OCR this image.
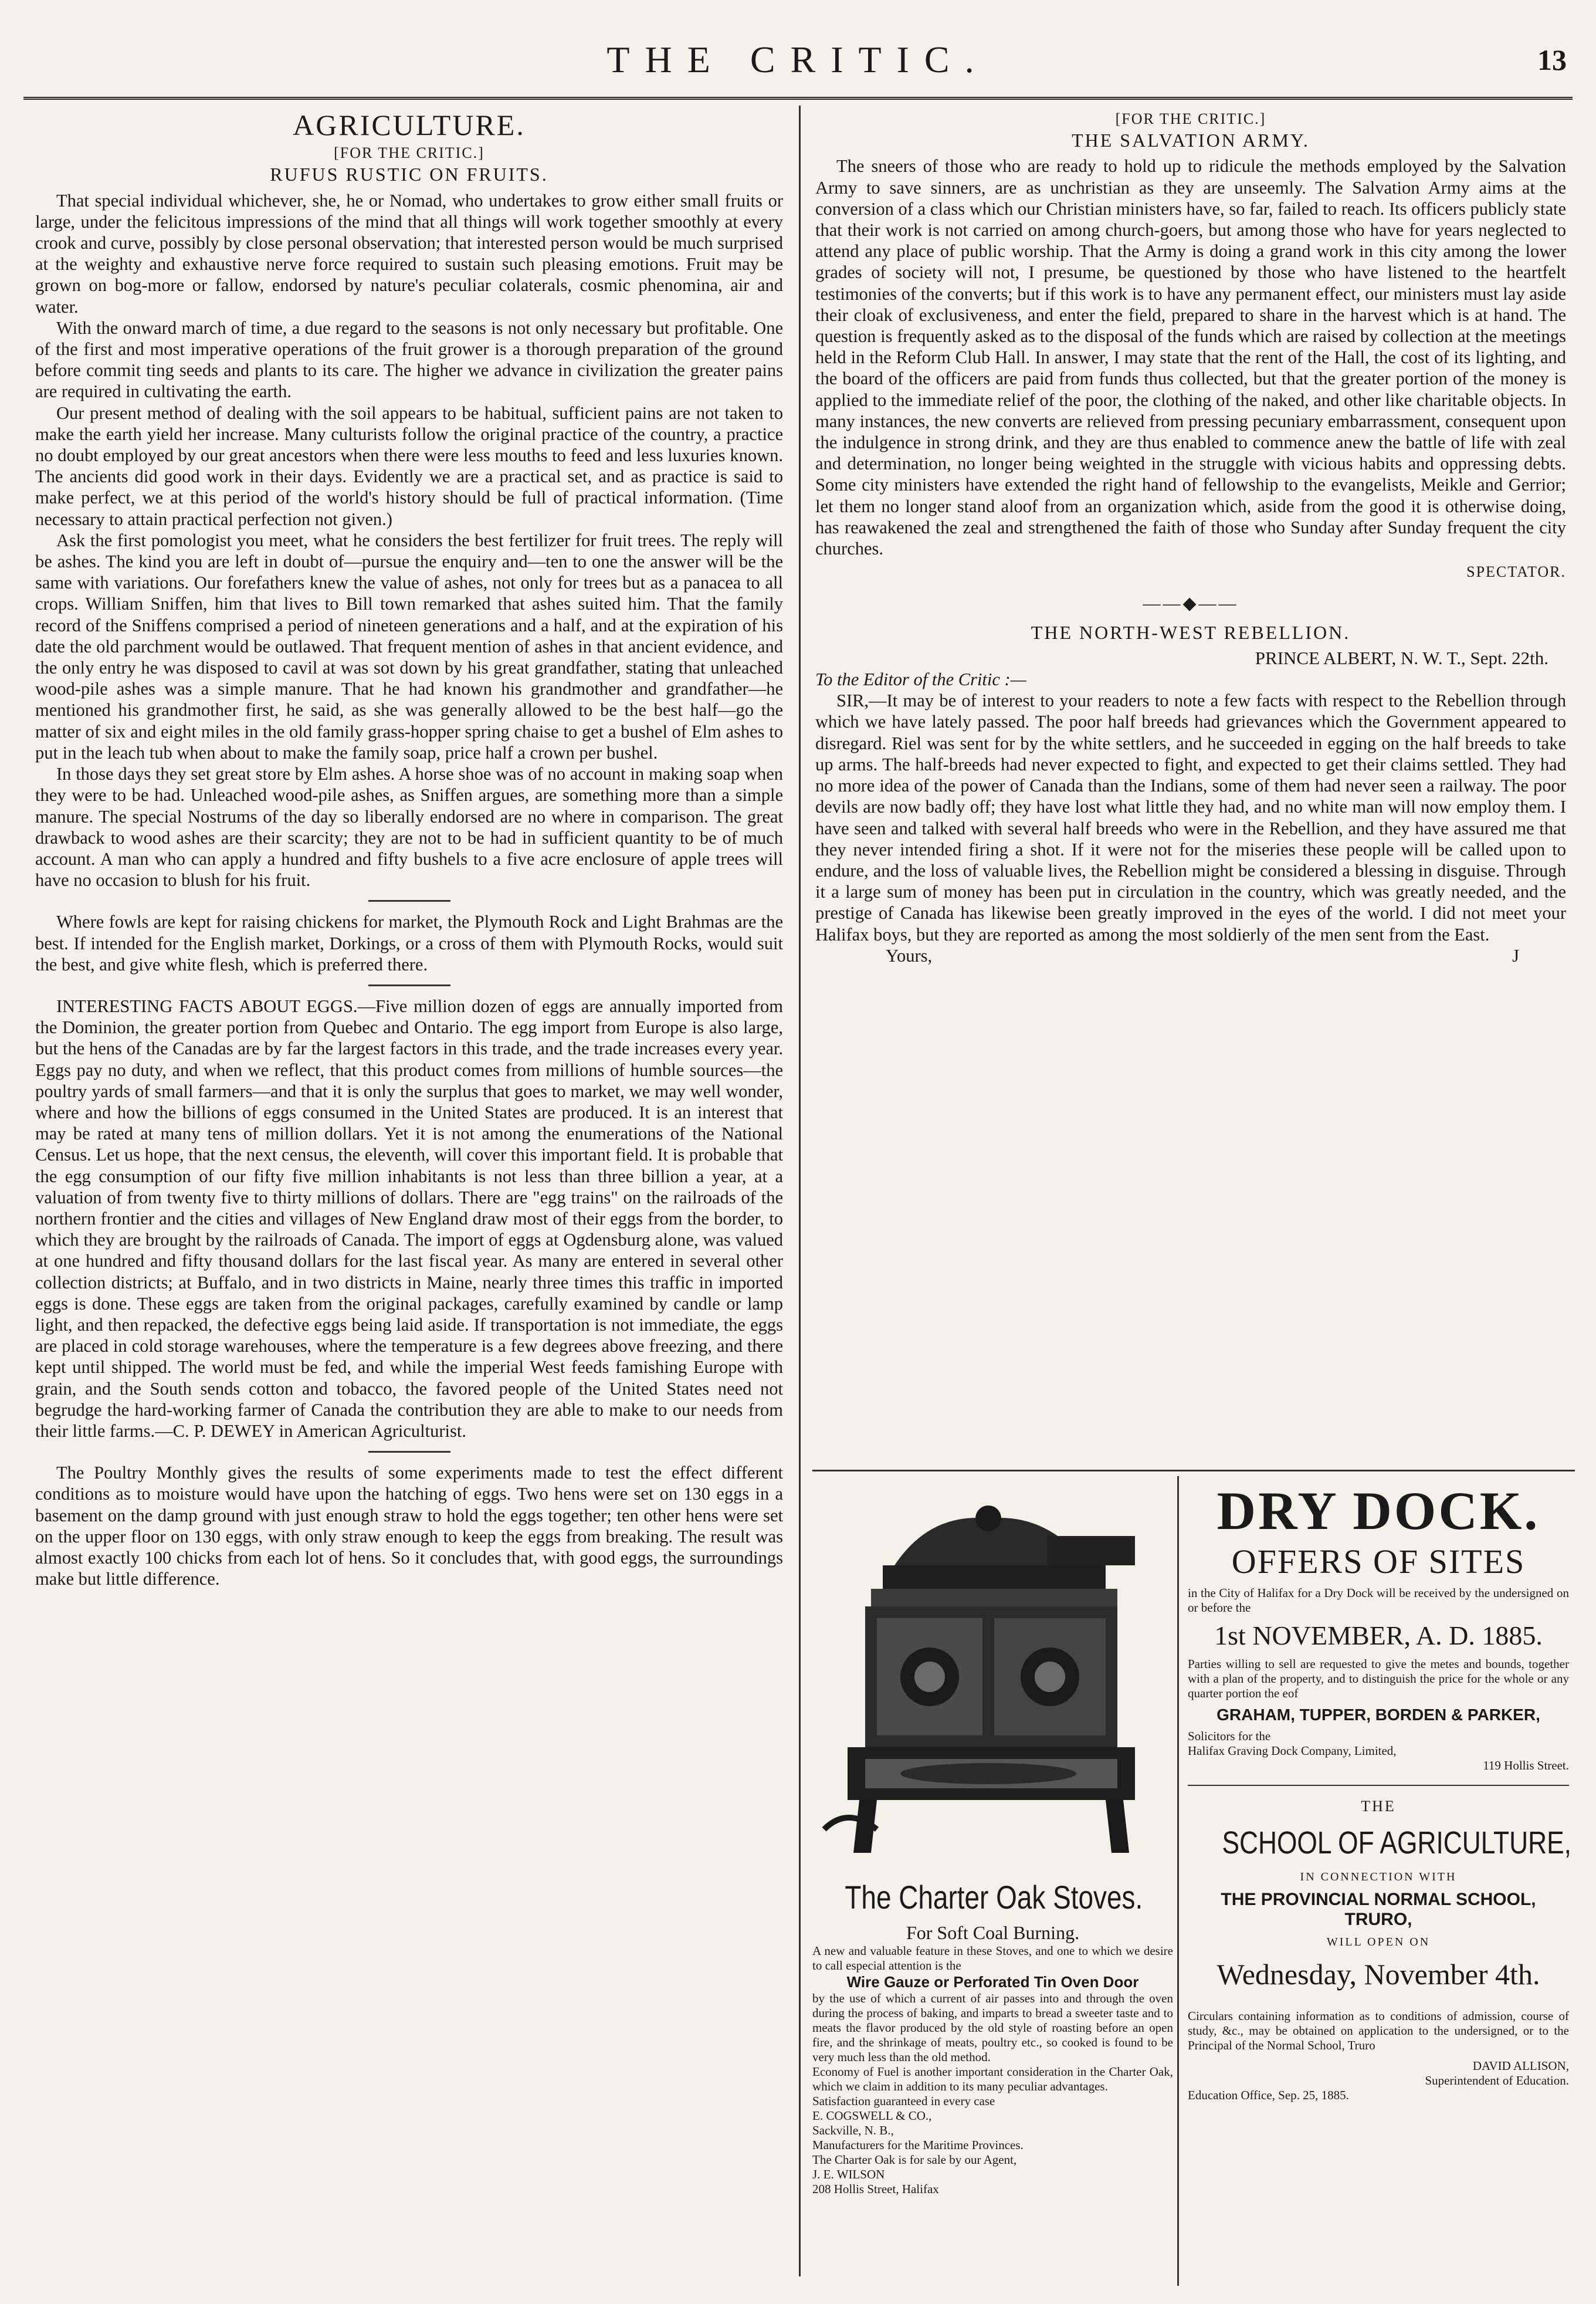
THE CRITIC.	13
AGRICULTURE.
[FOR THE CRITIC.]
RUFUS RUSTIC ON FRUITS.

That special individual whichever, she, he or Nomad, who undertakes to grow either small fruits or large, under the felicitous impressions of the mind that all things will work together smoothly at every crook and curve, possibly by close personal observation; that interested person would be much surprised at the weighty and exhaustive nerve force required to sustain such pleasing emotions. Fruit may be grown on bog-more or fallow, endorsed by nature's peculiar colaterals, cosmic phenomina, air and water.

With the onward march of time, a due regard to the seasons is not only necessary but profitable. One of the first and most imperative operations of the fruit grower is a thorough preparation of the ground before commit ting seeds and plants to its care. The higher we advance in civilization the greater pains are required in cultivating the earth.

Our present method of dealing with the soil appears to be habitual, sufficient pains are not taken to make the earth yield her increase. Many culturists follow the original practice of the country, a practice no doubt employed by our great ancestors when there were less mouths to feed and less luxuries known. The ancients did good work in their days. Evidently we are a practical set, and as practice is said to make perfect, we at this period of the world's history should be full of practical information. (Time necessary to attain practical perfection not given.)

Ask the first pomologist you meet, what he considers the best fertilizer for fruit trees. The reply will be ashes. The kind you are left in doubt of—pursue the enquiry and—ten to one the answer will be the same with variations. Our forefathers knew the value of ashes, not only for trees but as a panacea to all crops. William Sniffen, him that lives to Bill town remarked that ashes suited him. That the family record of the Sniffens comprised a period of nineteen generations and a half, and at the expiration of his date the old parchment would be outlawed. That frequent mention of ashes in that ancient evidence, and the only entry he was disposed to cavil at was sot down by his great grandfather, stating that unleached wood-pile ashes was a simple manure. That he had known his grandmother and grandfather—he mentioned his grandmother first, he said, as she was generally allowed to be the best half—go the matter of six and eight miles in the old family grass-hopper spring chaise to get a bushel of Elm ashes to put in the leach tub when about to make the family soap, price half a crown per bushel.

In those days they set great store by Elm ashes. A horse shoe was of no account in making soap when they were to be had. Unleached wood-pile ashes, as Sniffen argues, are something more than a simple manure. The special Nostrums of the day so liberally endorsed are no where in comparison. The great drawback to wood ashes are their scarcity; they are not to be had in sufficient quantity to be of much account. A man who can apply a hundred and fifty bushels to a five acre enclosure of apple trees will have no occasion to blush for his fruit.

Where fowls are kept for raising chickens for market, the Plymouth Rock and Light Brahmas are the best. If intended for the English market, Dorkings, or a cross of them with Plymouth Rocks, would suit the best, and give white flesh, which is preferred there.

INTERESTING FACTS ABOUT EGGS.—Five million dozen of eggs are annually imported from the Dominion, the greater portion from Quebec and Ontario. The egg import from Europe is also large, but the hens of the Canadas are by far the largest factors in this trade, and the trade increases every year. Eggs pay no duty, and when we reflect, that this product comes from millions of humble sources—the poultry yards of small farmers—and that it is only the surplus that goes to market, we may well wonder, where and how the billions of eggs consumed in the United States are produced. It is an interest that may be rated at many tens of million dollars. Yet it is not among the enumerations of the National Census. Let us hope, that the next census, the eleventh, will cover this important field. It is probable that the egg consumption of our fifty five million inhabitants is not less than three billion a year, at a valuation of from twenty five to thirty millions of dollars. There are "egg trains" on the railroads of the northern frontier and the cities and villages of New England draw most of their eggs from the border, to which they are brought by the railroads of Canada. The import of eggs at Ogdensburg alone, was valued at one hundred and fifty thousand dollars for the last fiscal year. As many are entered in several other collection districts; at Buffalo, and in two districts in Maine, nearly three times this traffic in imported eggs is done. These eggs are taken from the original packages, carefully examined by candle or lamp light, and then repacked, the defective eggs being laid aside. If transportation is not immediate, the eggs are placed in cold storage warehouses, where the temperature is a few degrees above freezing, and there kept until shipped. The world must be fed, and while the imperial West feeds famishing Europe with grain, and the South sends cotton and tobacco, the favored people of the United States need not begrudge the hard-working farmer of Canada the contribution they are able to make to our needs from their little farms.—C. P. DEWEY in American Agriculturist.

The Poultry Monthly gives the results of some experiments made to test the effect different conditions as to moisture would have upon the hatching of eggs. Two hens were set on 130 eggs in a basement on the damp ground with just enough straw to hold the eggs together; ten other hens were set on the upper floor on 130 eggs, with only straw enough to keep the eggs from breaking. The result was almost exactly 100 chicks from each lot of hens. So it concludes that, with good eggs, the surroundings make but little difference.

[FOR THE CRITIC.]
THE SALVATION ARMY.

The sneers of those who are ready to hold up to ridicule the methods employed by the Salvation Army to save sinners, are as unchristian as they are unseemly. The Salvation Army aims at the conversion of a class which our Christian ministers have, so far, failed to reach. Its officers publicly state that their work is not carried on among church-goers, but among those who have for years neglected to attend any place of public worship. That the Army is doing a grand work in this city among the lower grades of society will not, I presume, be questioned by those who have listened to the heartfelt testimonies of the converts; but if this work is to have any permanent effect, our ministers must lay aside their cloak of exclusiveness, and enter the field, prepared to share in the harvest which is at hand. The question is frequently asked as to the disposal of the funds which are raised by collection at the meetings held in the Reform Club Hall. In answer, I may state that the rent of the Hall, the cost of its lighting, and the board of the officers are paid from funds thus collected, but that the greater portion of the money is applied to the immediate relief of the poor, the clothing of the naked, and other like charitable objects. In many instances, the new converts are relieved from pressing pecuniary embarrassment, consequent upon the indulgence in strong drink, and they are thus enabled to commence anew the battle of life with zeal and determination, no longer being weighted in the struggle with vicious habits and oppressing debts. Some city ministers have extended the right hand of fellowship to the evangelists, Meikle and Gerrior; let them no longer stand aloof from an organization which, aside from the good it is otherwise doing, has reawakened the zeal and strengthened the faith of those who Sunday after Sunday frequent the city churches.

SPECTATOR.
——◆——
THE NORTH-WEST REBELLION.
PRINCE ALBERT, N. W. T., Sept. 22th.
To the Editor of the Critic :—

SIR,—It may be of interest to your readers to note a few facts with respect to the Rebellion through which we have lately passed. The poor half breeds had grievances which the Government appeared to disregard. Riel was sent for by the white settlers, and he succeeded in egging on the half breeds to take up arms. The half-breeds had never expected to fight, and expected to get their claims settled. They had no more idea of the power of Canada than the Indians, some of them had never seen a railway. The poor devils are now badly off; they have lost what little they had, and no white man will now employ them. I have seen and talked with several half breeds who were in the Rebellion, and they have assured me that they never intended firing a shot. If it were not for the miseries these people will be called upon to endure, and the loss of valuable lives, the Rebellion might be considered a blessing in disguise. Through it a large sum of money has been put in circulation in the country, which was greatly needed, and the prestige of Canada has likewise been greatly improved in the eyes of the world. I did not meet your Halifax boys, but they are reported as among the most soldierly of the men sent from the East.

Yours,	J
The Charter Oak Stoves.
For Soft Coal Burning.
A new and valuable feature in these Stoves, and one to which we desire to call especial attention is the
Wire Gauze or Perforated Tin Oven Door
by the use of which a current of air passes into and through the oven during the process of baking, and imparts to bread a sweeter taste and to meats the flavor produced by the old style of roasting before an open fire, and the shrinkage of meats, poultry etc., so cooked is found to be very much less than the old method.
Economy of Fuel is another important consideration in the Charter Oak, which we claim in addition to its many peculiar advantages.
Satisfaction guaranteed in every case
E. COGSWELL & CO.,
Sackville, N. B.,
Manufacturers for the Maritime Provinces.
The Charter Oak is for sale by our Agent,
J. E. WILSON
208 Hollis Street, Halifax
DRY DOCK.
OFFERS OF SITES
in the City of Halifax for a Dry Dock will be received by the undersigned on or before the
1st NOVEMBER, A. D. 1885.
Parties willing to sell are requested to give the metes and bounds, together with a plan of the property, and to distinguish the price for the whole or any quarter portion the eof
GRAHAM, TUPPER, BORDEN & PARKER,
Solicitors for the
Halifax Graving Dock Company, Limited,
119 Hollis Street.
THE
SCHOOL OF AGRICULTURE,
IN CONNECTION WITH
THE PROVINCIAL NORMAL SCHOOL, TRURO,
WILL OPEN ON
Wednesday, November 4th.
Circulars containing information as to conditions of admission, course of study, &c., may be obtained on application to the undersigned, or to the Principal of the Normal School, Truro
DAVID ALLISON,
Superintendent of Education.
Education Office, Sep. 25, 1885.
